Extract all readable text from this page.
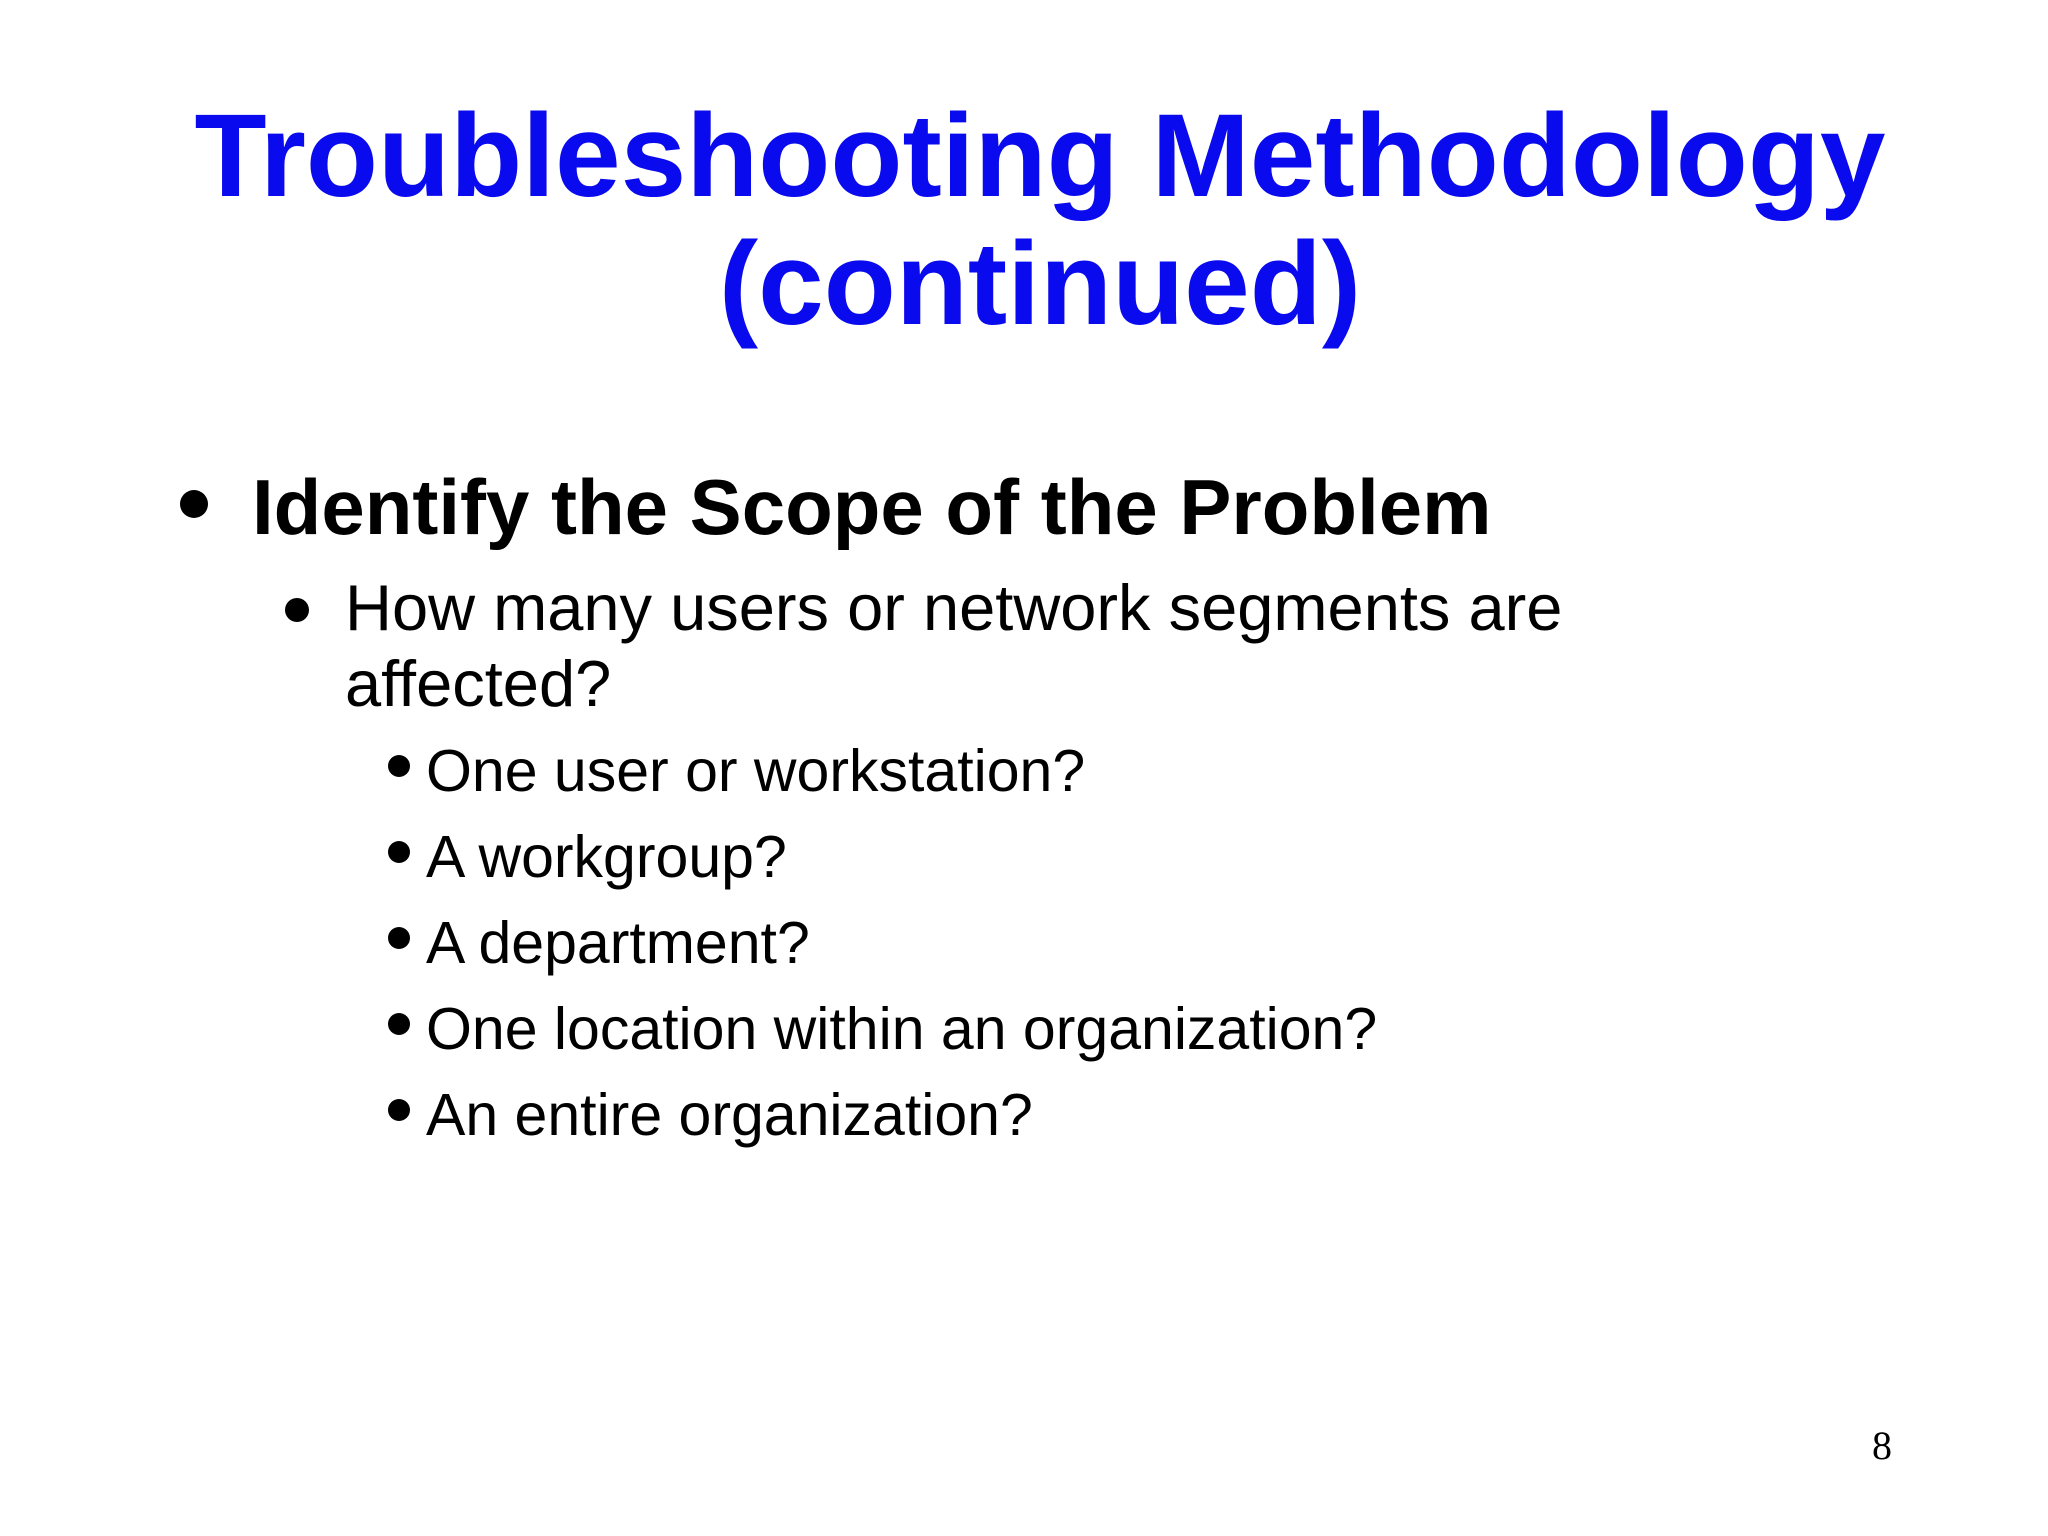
Troubleshooting Methodology
(continued)
Identify the Scope of the Problem
How many users or network segments are affected?
One user or workstation?
A workgroup?
A department?
One location within an organization?
An entire organization?
8
